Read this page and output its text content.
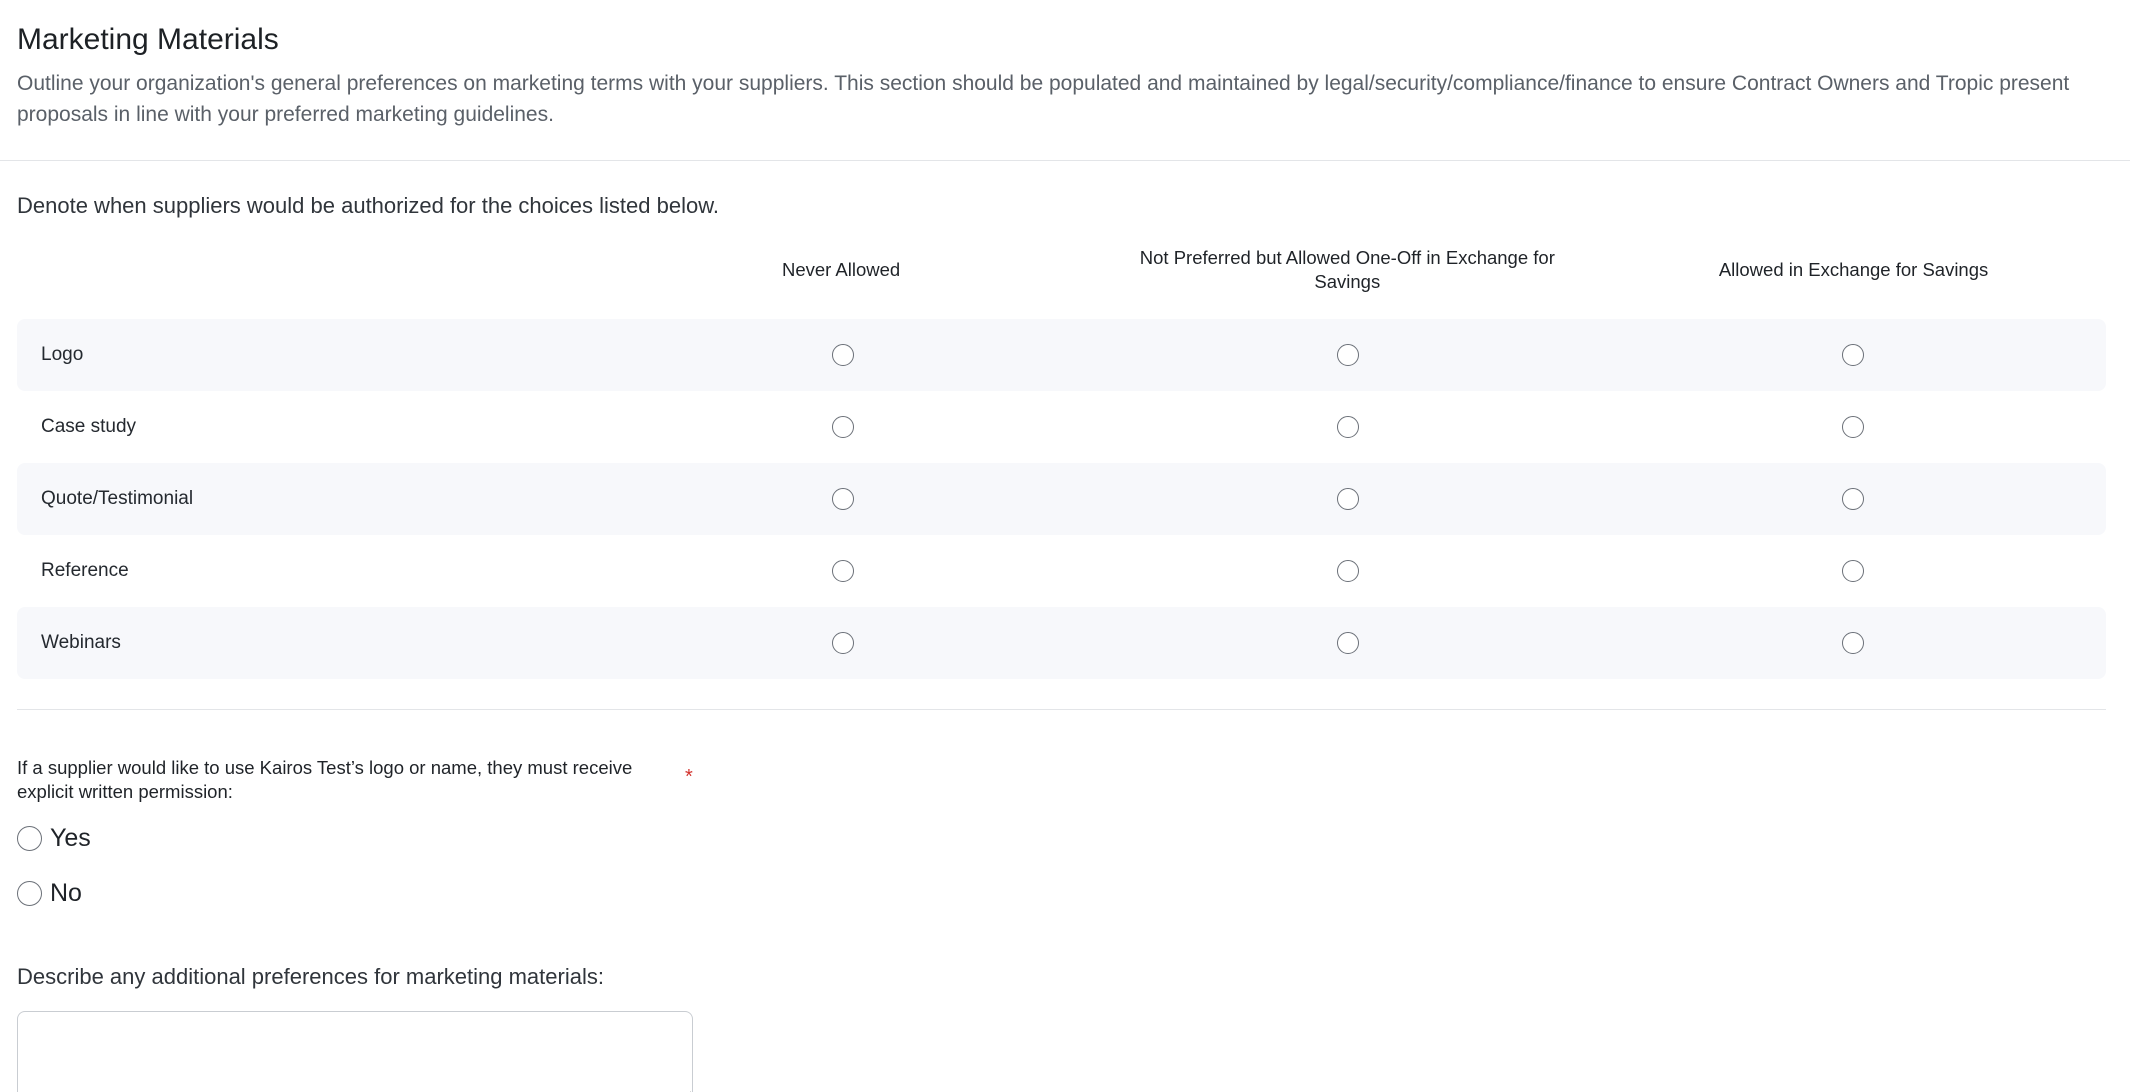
Marketing Materials

Outline your organization's general preferences on marketing terms with your suppliers. This section should be populated and maintained by legal/security/compliance/finance to ensure Contract Owners and Tropic present proposals in line with your preferred marketing guidelines.

Denote when suppliers would be authorized for the choices listed below.
Never Allowed
Not Preferred but Allowed One-Off in Exchange for Savings
Allowed in Exchange for Savings
Logo
Case study
Quote/Testimonial
Reference
Webinars
If a supplier would like to use Kairos Test’s logo or name, they must receive explicit written permission:
*
Yes
No
Describe any additional preferences for marketing materials:
